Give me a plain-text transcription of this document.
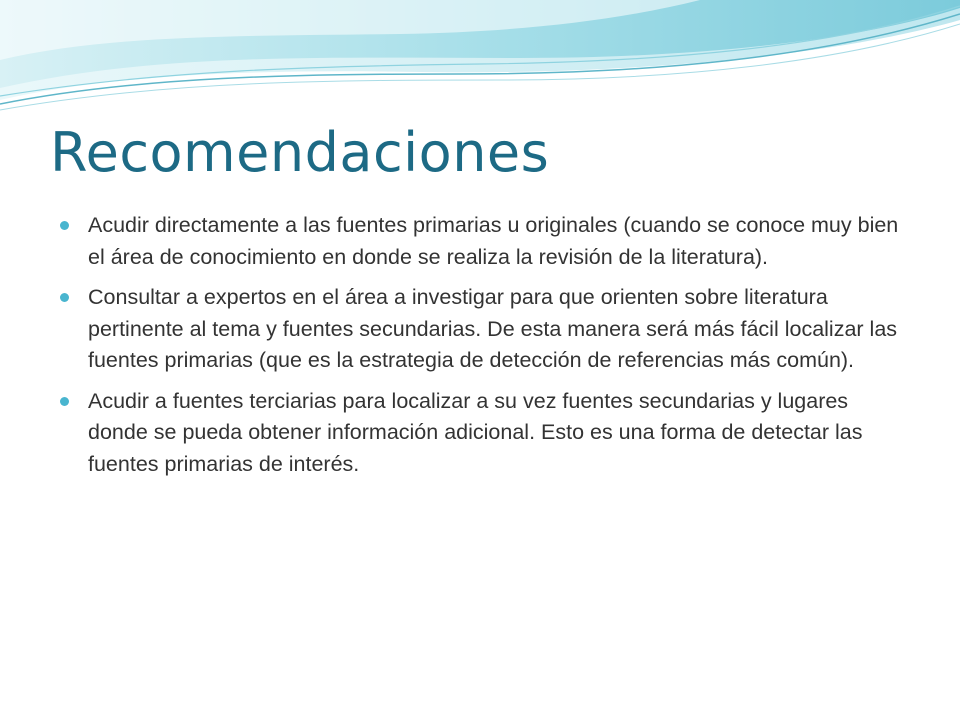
Recomendaciones
Acudir directamente a las fuentes primarias u originales (cuando se conoce muy bien el área de conocimiento en donde se realiza la revisión de la literatura).
Consultar a expertos en el área a investigar para que orienten sobre literatura pertinente al tema y fuentes secundarias. De esta manera será más fácil localizar las fuentes primarias (que es la estrategia de detección de referencias más común).
Acudir a fuentes terciarias para localizar a su vez fuentes secundarias y lugares donde se pueda obtener información adicional. Esto es una forma de detectar las fuentes primarias de interés.
